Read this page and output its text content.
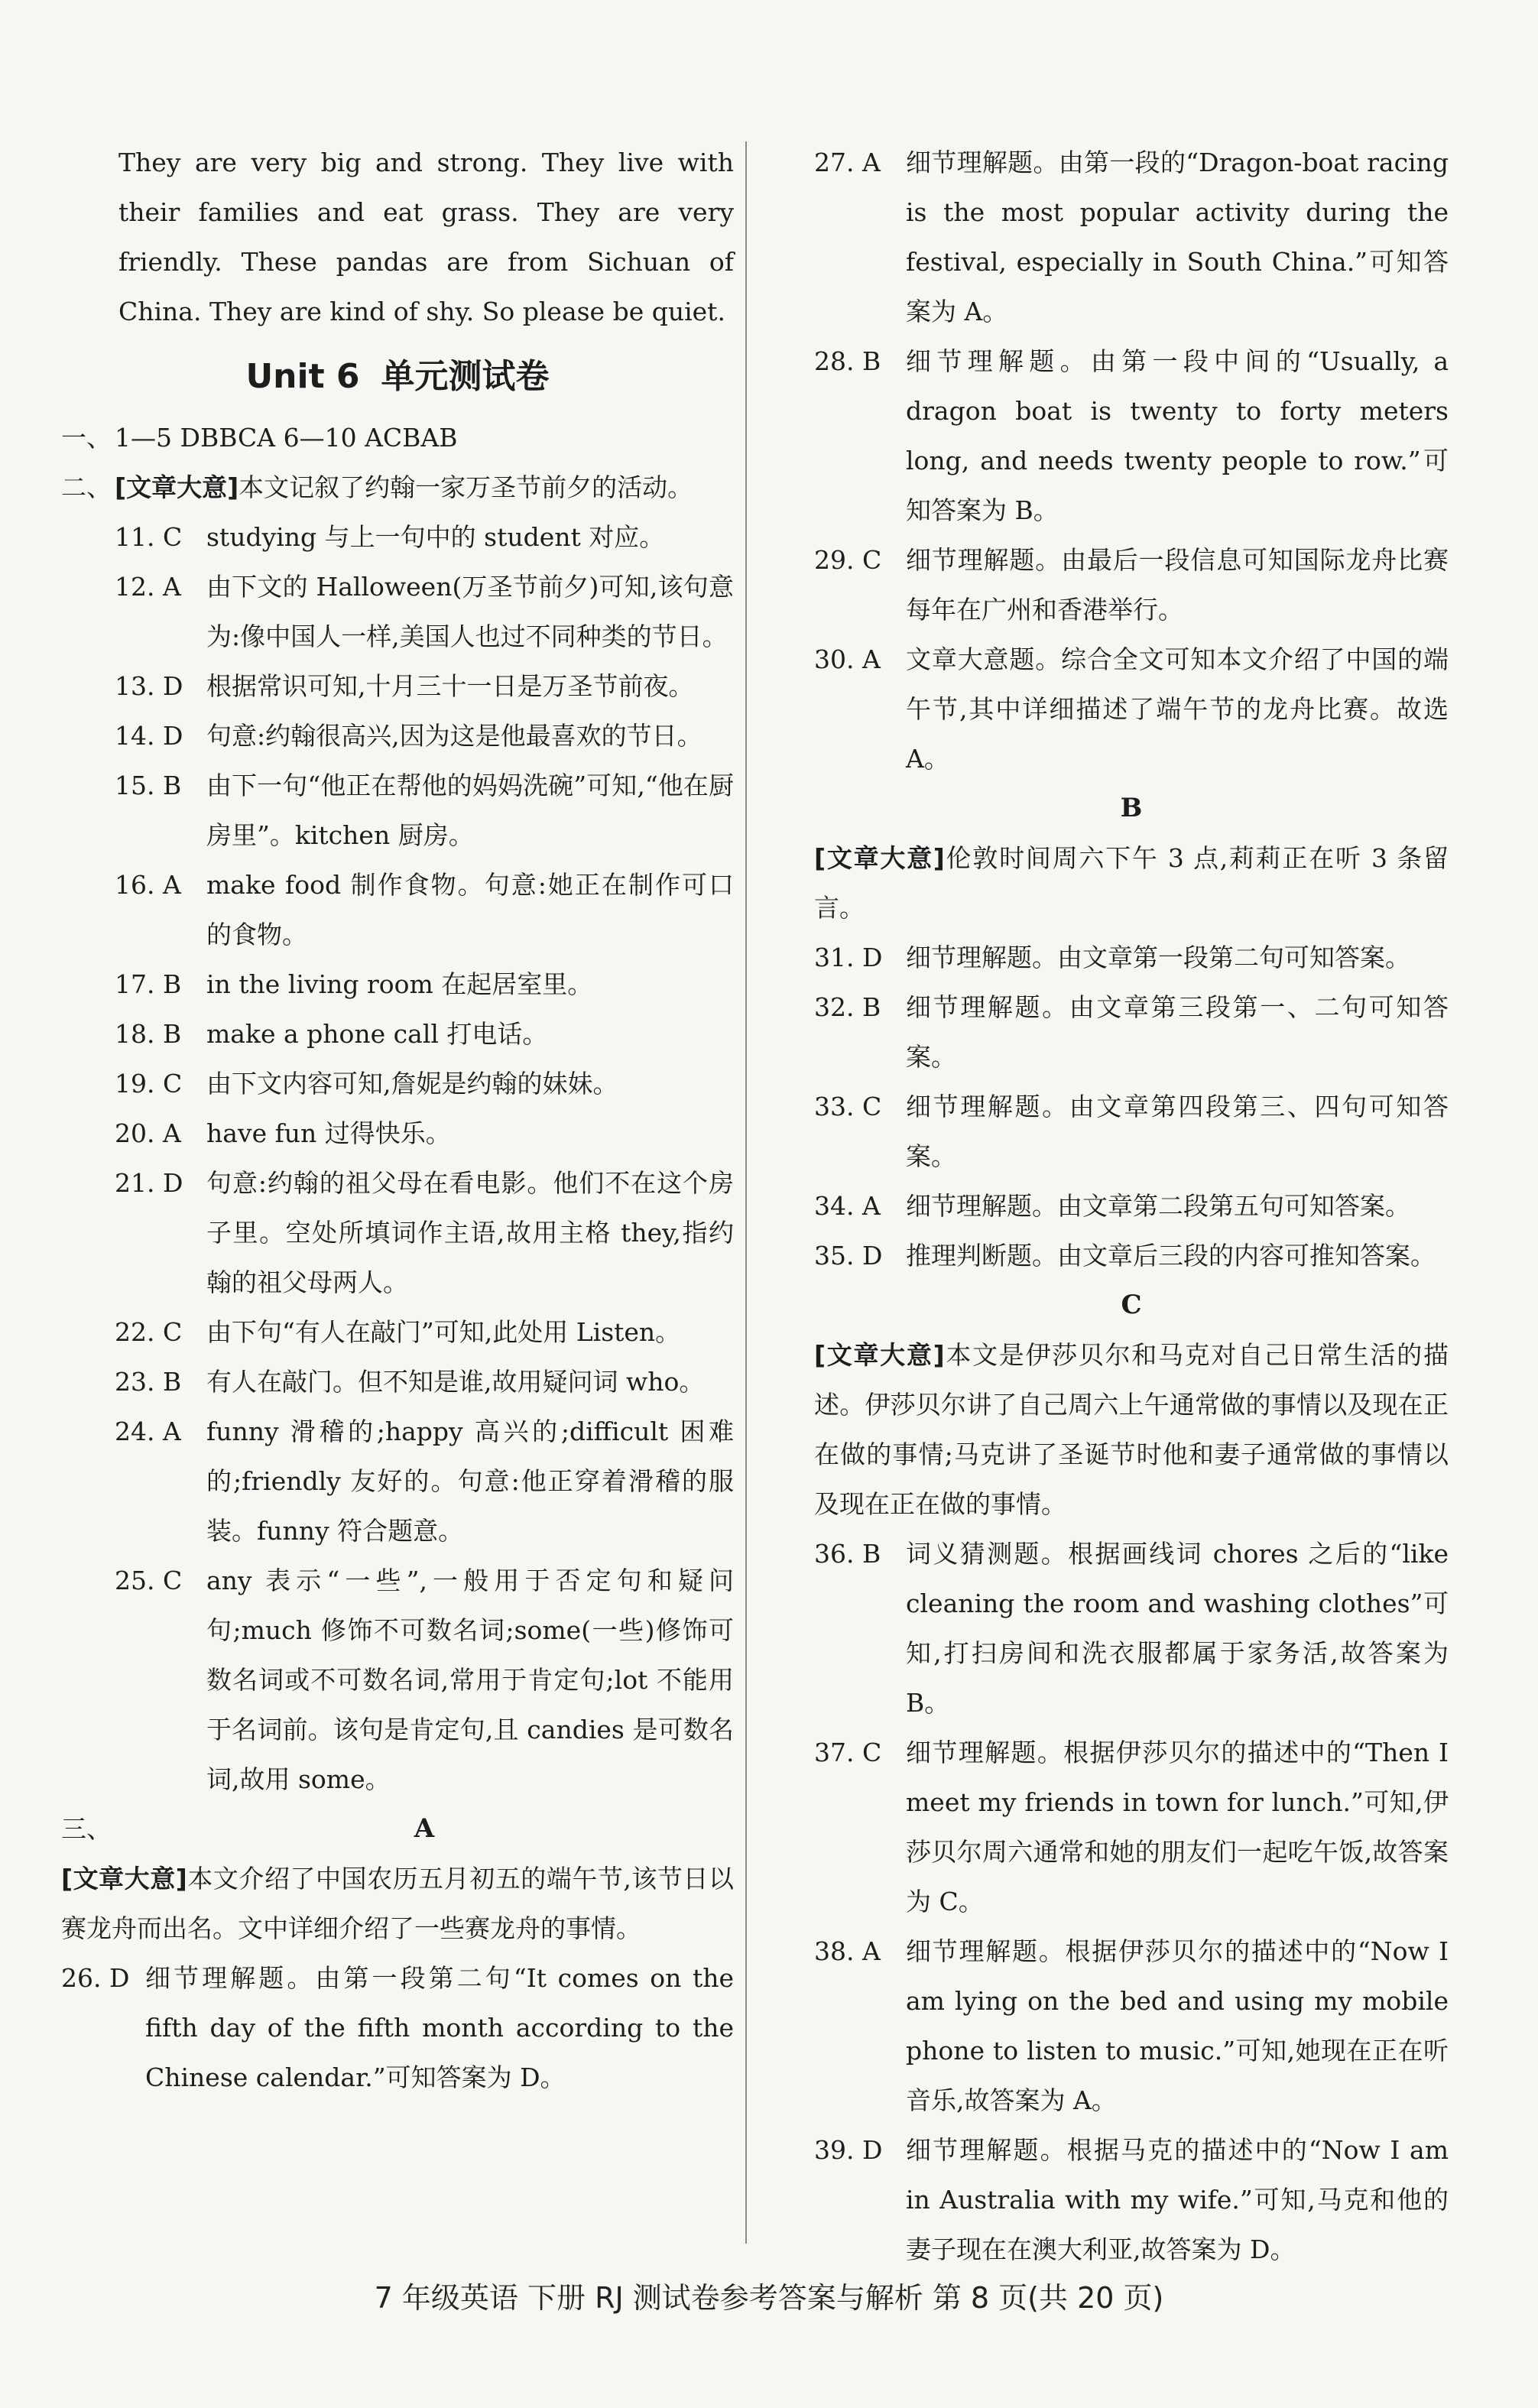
They are very big and strong. They live with their families and eat grass. They are very friendly. These pandas are from Sichuan of China. They are kind of shy. So please be quiet.

Unit 6 单元测试卷
一、 1—5 DBBCA 6—10 ACBAB
二、 [文章大意]本文记叙了约翰一家万圣节前夕的活动。
11. C studying 与上一句中的 student 对应。
12. A	由下文的 Halloween(万圣节前夕)可知,该句意为:像中国人一样,美国人也过不同种类的节日。
13. D 根据常识可知,十月三十一日是万圣节前夜。
14. D 句意:约翰很高兴,因为这是他最喜欢的节日。
15. B 由下一句“他正在帮他的妈妈洗碗”可知,“他在厨房里”。kitchen 厨房。
16. A	make food 制作食物。句意:她正在制作可口的食物。
17. B in the living room 在起居室里。
18. B make a phone call 打电话。
19. C 由下文内容可知,詹妮是约翰的妹妹。
20. A	have fun 过得快乐。
21. D 句意:约翰的祖父母在看电影。他们不在这个房子里。空处所填词作主语,故用主格 they,指约翰的祖父母两人。
22. C 由下句“有人在敲门”可知,此处用 Listen。
23. B 有人在敲门。但不知是谁,故用疑问词 who。
24. A	funny 滑稽的;happy 高兴的;difficult 困难的;friendly 友好的。句意:他正穿着滑稽的服装。funny 符合题意。
25. C any 表示“一些”,一般用于否定句和疑问句;much 修饰不可数名词;some(一些)修饰可数名词或不可数名词,常用于肯定句;lot 不能用于名词前。该句是肯定句,且 candies 是可数名词,故用 some。
三、	A

[文章大意]本文介绍了中国农历五月初五的端午节,该节日以赛龙舟而出名。文中详细介绍了一些赛龙舟的事情。

26. D 细节理解题。由第一段第二句“It comes on the fifth day of the fifth month according to the Chinese calendar.”可知答案为 D。
27. A	细节理解题。由第一段的“Dragon-boat racing is the most popular activity during the festival, especially in South China.”可知答案为 A。
28. B 细节理解题。由第一段中间的“Usually, a dragon boat is twenty to forty meters long, and needs twenty people to row.”可知答案为 B。
29. C 细节理解题。由最后一段信息可知国际龙舟比赛每年在广州和香港举行。
30. A	文章大意题。综合全文可知本文介绍了中国的端午节,其中详细描述了端午节的龙舟比赛。故选 A。
B

[文章大意]伦敦时间周六下午 3 点,莉莉正在听 3 条留言。

31. D 细节理解题。由文章第一段第二句可知答案。
32. B 细节理解题。由文章第三段第一、二句可知答案。
33. C 细节理解题。由文章第四段第三、四句可知答案。
34. A	细节理解题。由文章第二段第五句可知答案。
35. D 推理判断题。由文章后三段的内容可推知答案。
C

[文章大意]本文是伊莎贝尔和马克对自己日常生活的描述。伊莎贝尔讲了自己周六上午通常做的事情以及现在正在做的事情;马克讲了圣诞节时他和妻子通常做的事情以及现在正在做的事情。

36. B 词义猜测题。根据画线词 chores 之后的“like cleaning the room and washing clothes”可知,打扫房间和洗衣服都属于家务活,故答案为 B。
37. C 细节理解题。根据伊莎贝尔的描述中的“Then I meet my friends in town for lunch.”可知,伊莎贝尔周六通常和她的朋友们一起吃午饭,故答案为 C。
38. A	细节理解题。根据伊莎贝尔的描述中的“Now I am lying on the bed and using my mobile phone to listen to music.”可知,她现在正在听音乐,故答案为 A。
39. D 细节理解题。根据马克的描述中的“Now I am in Australia with my wife.”可知,马克和他的妻子现在在澳大利亚,故答案为 D。
7 年级英语 下册 RJ 测试卷参考答案与解析 第 8 页(共 20 页)
